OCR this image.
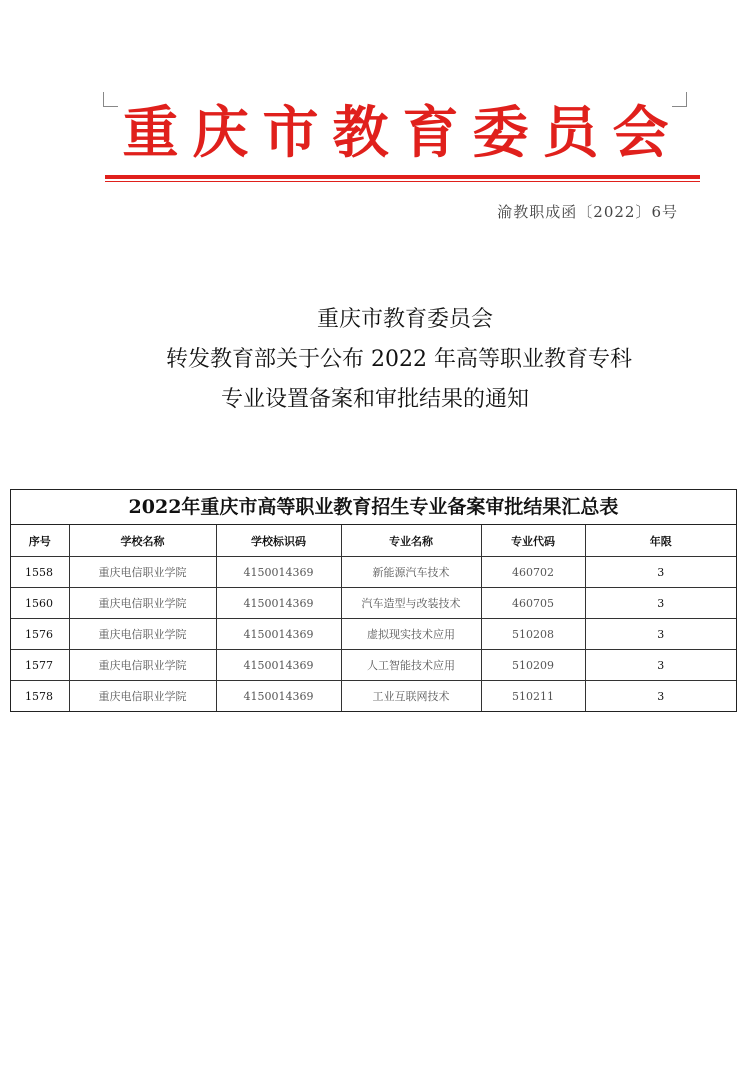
重庆市教育委员会
渝教职成函〔2022〕6号
重庆市教育委员会
转发教育部关于公布 2022 年高等职业教育专科
专业设置备案和审批结果的通知
2022年重庆市高等职业教育招生专业备案审批结果汇总表
序号	学校名称	学校标识码	专业名称	专业代码	年限
1558	重庆电信职业学院	4150014369	新能源汽车技术	460702	3
1560	重庆电信职业学院	4150014369	汽车造型与改装技术	460705	3
1576	重庆电信职业学院	4150014369	虚拟现实技术应用	510208	3
1577	重庆电信职业学院	4150014369	人工智能技术应用	510209	3
1578	重庆电信职业学院	4150014369	工业互联网技术	510211	3
